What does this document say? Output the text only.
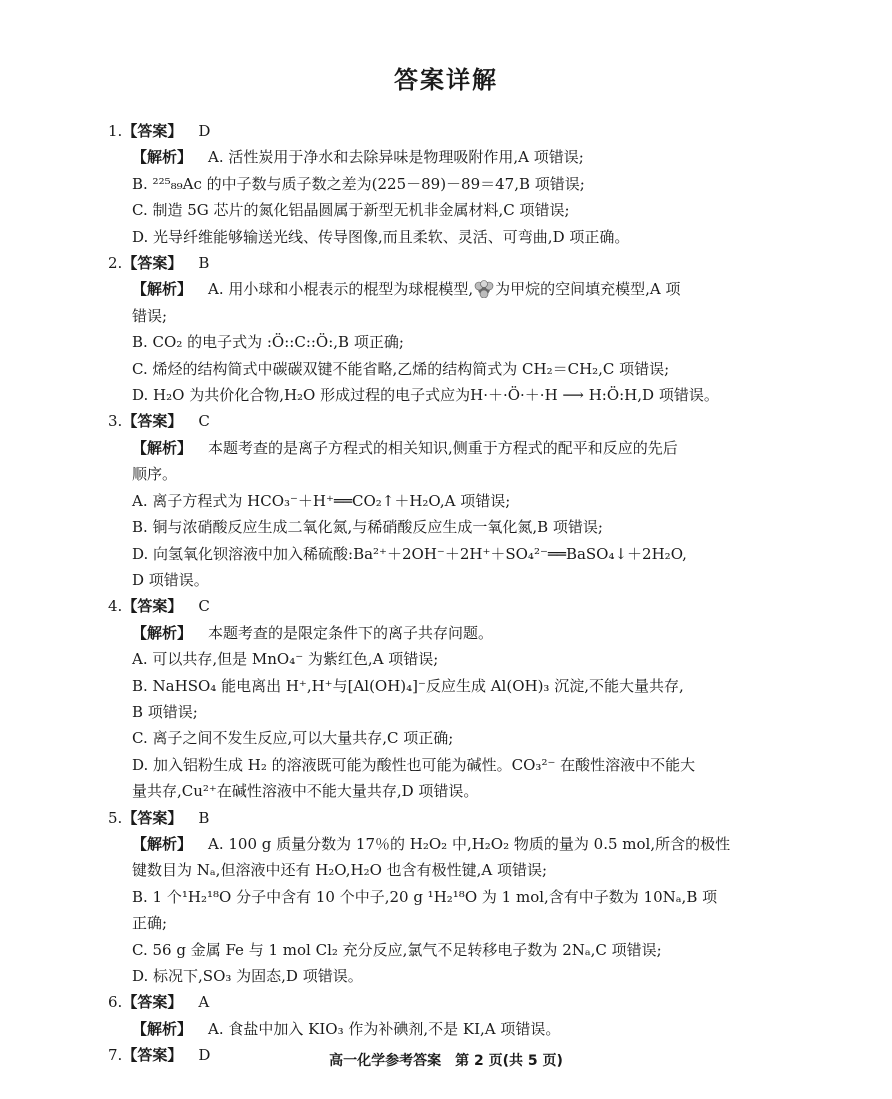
答案详解
1.【答案】 D
【解析】 A. 活性炭用于净水和去除异味是物理吸附作用,A 项错误;
B. ²²⁵₈₉Ac 的中子数与质子数之差为(225－89)－89＝47,B 项错误;
C. 制造 5G 芯片的氮化铝晶圆属于新型无机非金属材料,C 项错误;
D. 光导纤维能够输送光线、传导图像,而且柔软、灵活、可弯曲,D 项正确。
2.【答案】 B
【解析】 A. 用小球和小棍表示的棍型为球棍模型, 为甲烷的空间填充模型,A 项
错误;
B. CO₂ 的电子式为 :Ö::C::Ö:,B 项正确;
C. 烯烃的结构简式中碳碳双键不能省略,乙烯的结构简式为 CH₂＝CH₂,C 项错误;
D. H₂O 为共价化合物,H₂O 形成过程的电子式应为H·＋·Ö·＋·H ⟶ H:Ö:H,D 项错误。
3.【答案】 C
【解析】 本题考查的是离子方程式的相关知识,侧重于方程式的配平和反应的先后
顺序。
A. 离子方程式为 HCO₃⁻＋H⁺══CO₂↑＋H₂O,A 项错误;
B. 铜与浓硝酸反应生成二氧化氮,与稀硝酸反应生成一氧化氮,B 项错误;
D. 向氢氧化钡溶液中加入稀硫酸:Ba²⁺＋2OH⁻＋2H⁺＋SO₄²⁻══BaSO₄↓＋2H₂O,
D 项错误。
4.【答案】 C
【解析】 本题考查的是限定条件下的离子共存问题。
A. 可以共存,但是 MnO₄⁻ 为紫红色,A 项错误;
B. NaHSO₄ 能电离出 H⁺,H⁺与[Al(OH)₄]⁻反应生成 Al(OH)₃ 沉淀,不能大量共存,
B 项错误;
C. 离子之间不发生反应,可以大量共存,C 项正确;
D. 加入铝粉生成 H₂ 的溶液既可能为酸性也可能为碱性。CO₃²⁻ 在酸性溶液中不能大
量共存,Cu²⁺在碱性溶液中不能大量共存,D 项错误。
5.【答案】 B
【解析】 A. 100 g 质量分数为 17％的 H₂O₂ 中,H₂O₂ 物质的量为 0.5 mol,所含的极性
键数目为 Nₐ,但溶液中还有 H₂O,H₂O 也含有极性键,A 项错误;
B. 1 个¹H₂¹⁸O 分子中含有 10 个中子,20 g ¹H₂¹⁸O 为 1 mol,含有中子数为 10Nₐ,B 项
正确;
C. 56 g 金属 Fe 与 1 mol Cl₂ 充分反应,氯气不足转移电子数为 2Nₐ,C 项错误;
D. 标况下,SO₃ 为固态,D 项错误。
6.【答案】 A
【解析】 A. 食盐中加入 KIO₃ 作为补碘剂,不是 KI,A 项错误。
7.【答案】 D	高一化学参考答案　第 2 页(共 5 页)
